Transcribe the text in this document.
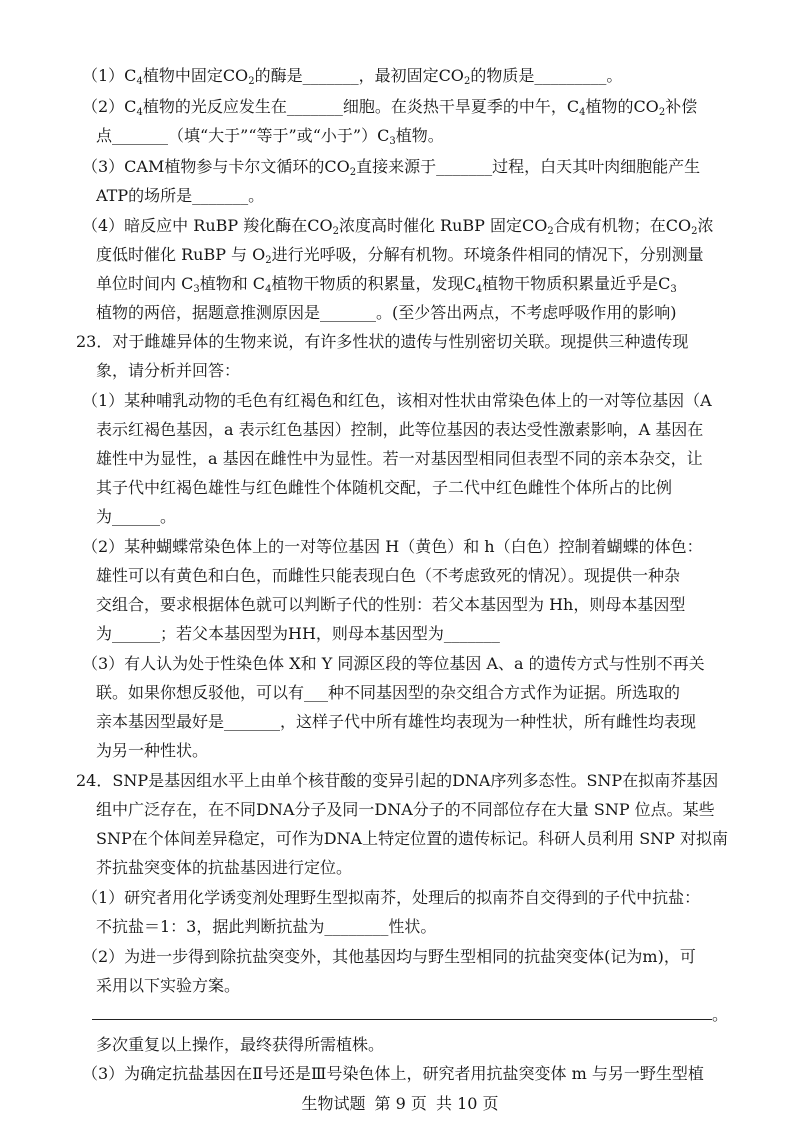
$(1)C_4$植物中固定$CO_2$的酶是_______，最初固定$CO_2$的物质是_________。
$(2)C_4$植物的光反应发生在_______细胞。在炎热干旱夏季的中午，$C_4$植物的$CO_2$补偿
点_______（填“大于”“等于”或“小于$”)C_3$植物。
（3）CAM植物参与卡尔文循环的$CO_2$直接来源于_______过程，白天其叶肉细胞能产生
ATP的场所是_______。
（4）暗反应中 RuBP 羧化酶在$CO_2$浓度高时催化 RuBP 固定$CO_2$合成有机物；在$CO_2$浓
度低时催化 RuBP 与 $O_2$进行光呼吸，分解有机物。环境条件相同的情况下，分别测量
单位时间内 $C_3$植物和 $C_4$植物干物质的积累量，发现$C_4$植物干物质积累量近乎是$C_3$
植物的两倍，据题意推测原因是_______。(至少答出两点，不考虑呼吸作用的影响)
23．对于雌雄异体的生物来说，有许多性状的遗传与性别密切关联。现提供三种遗传现
象，请分析并回答：
（1）某种哺乳动物的毛色有红褐色和红色，该相对性状由常染色体上的一对等位基因（A
表示红褐色基因，a 表示红色基因）控制，此等位基因的表达受性激素影响，A 基因在
雄性中为显性，a 基因在雌性中为显性。若一对基因型相同但表型不同的亲本杂交，让
其子代中红褐色雄性与红色雌性个体随机交配，子二代中红色雌性个体所占的比例
为______。
（2）某种蝴蝶常染色体上的一对等位基因 H（黄色）和 h（白色）控制着蝴蝶的体色：
雄性可以有黄色和白色，而雌性只能表现白色（不考虑致死的情况）。现提供一种杂
交组合，要求根据体色就可以判断子代的性别：若父本基因型为 Hh，则母本基因型
为______；若父本基因型为HH，则母本基因型为_______
（3）有人认为处于性染色体 X和 Y 同源区段的等位基因 A、a 的遗传方式与性别不再关
联。如果你想反驳他，可以有___种不同基因型的杂交组合方式作为证据。所选取的
亲本基因型最好是_______，这样子代中所有雄性均表现为一种性状，所有雌性均表现
为另一种性状。
24．SNP是基因组水平上由单个核苷酸的变异引起的DNA序列多态性。SNP在拟南芥基因
组中广泛存在，在不同DNA分子及同一DNA分子的不同部位存在大量 SNP 位点。某些
SNP在个体间差异稳定，可作为DNA上特定位置的遗传标记。科研人员利用 SNP 对拟南
芥抗盐突变体的抗盐基因进行定位。
（1）研究者用化学诱变剂处理野生型拟南芥，处理后的拟南芥自交得到的子代中抗盐：
不抗盐＝1：3，据此判断抗盐为________性状。
（2）为进一步得到除抗盐突变外，其他基因均与野生型相同的抗盐突变体(记为m)，可
采用以下实验方案。
。
多次重复以上操作，最终获得所需植株。
（3）为确定抗盐基因在Ⅱ号还是Ⅲ号染色体上，研究者用抗盐突变体 m 与另一野生型植
生物试题 第 9 页 共 10 页
